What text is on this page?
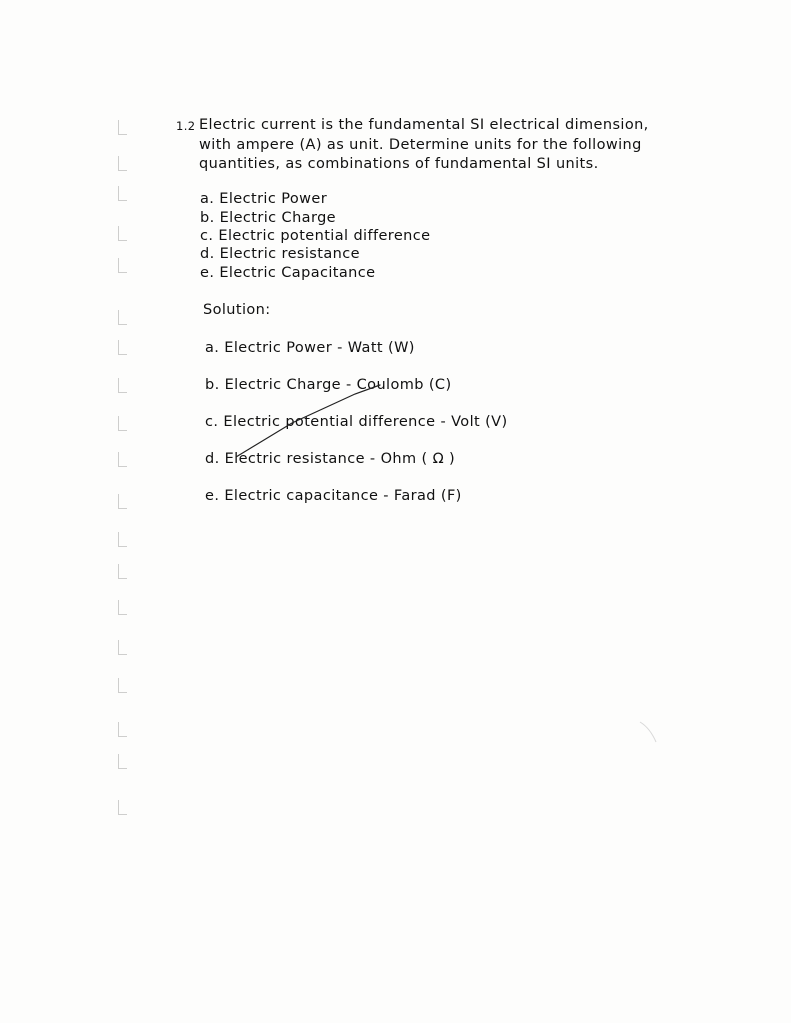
1.2 Electric current is the fundamental SI electrical dimension,
with ampere (A) as unit. Determine units for the following
quantities, as combinations of fundamental SI units.
a. Electric Power
b. Electric Charge
c. Electric potential difference
d. Electric resistance
e. Electric Capacitance
Solution:
a. Electric Power - Watt (W)
b. Electric Charge - Coulomb (C)
c. Electric potential difference - Volt (V)
d. Electric resistance - Ohm ( Ω )
e. Electric capacitance - Farad (F)
